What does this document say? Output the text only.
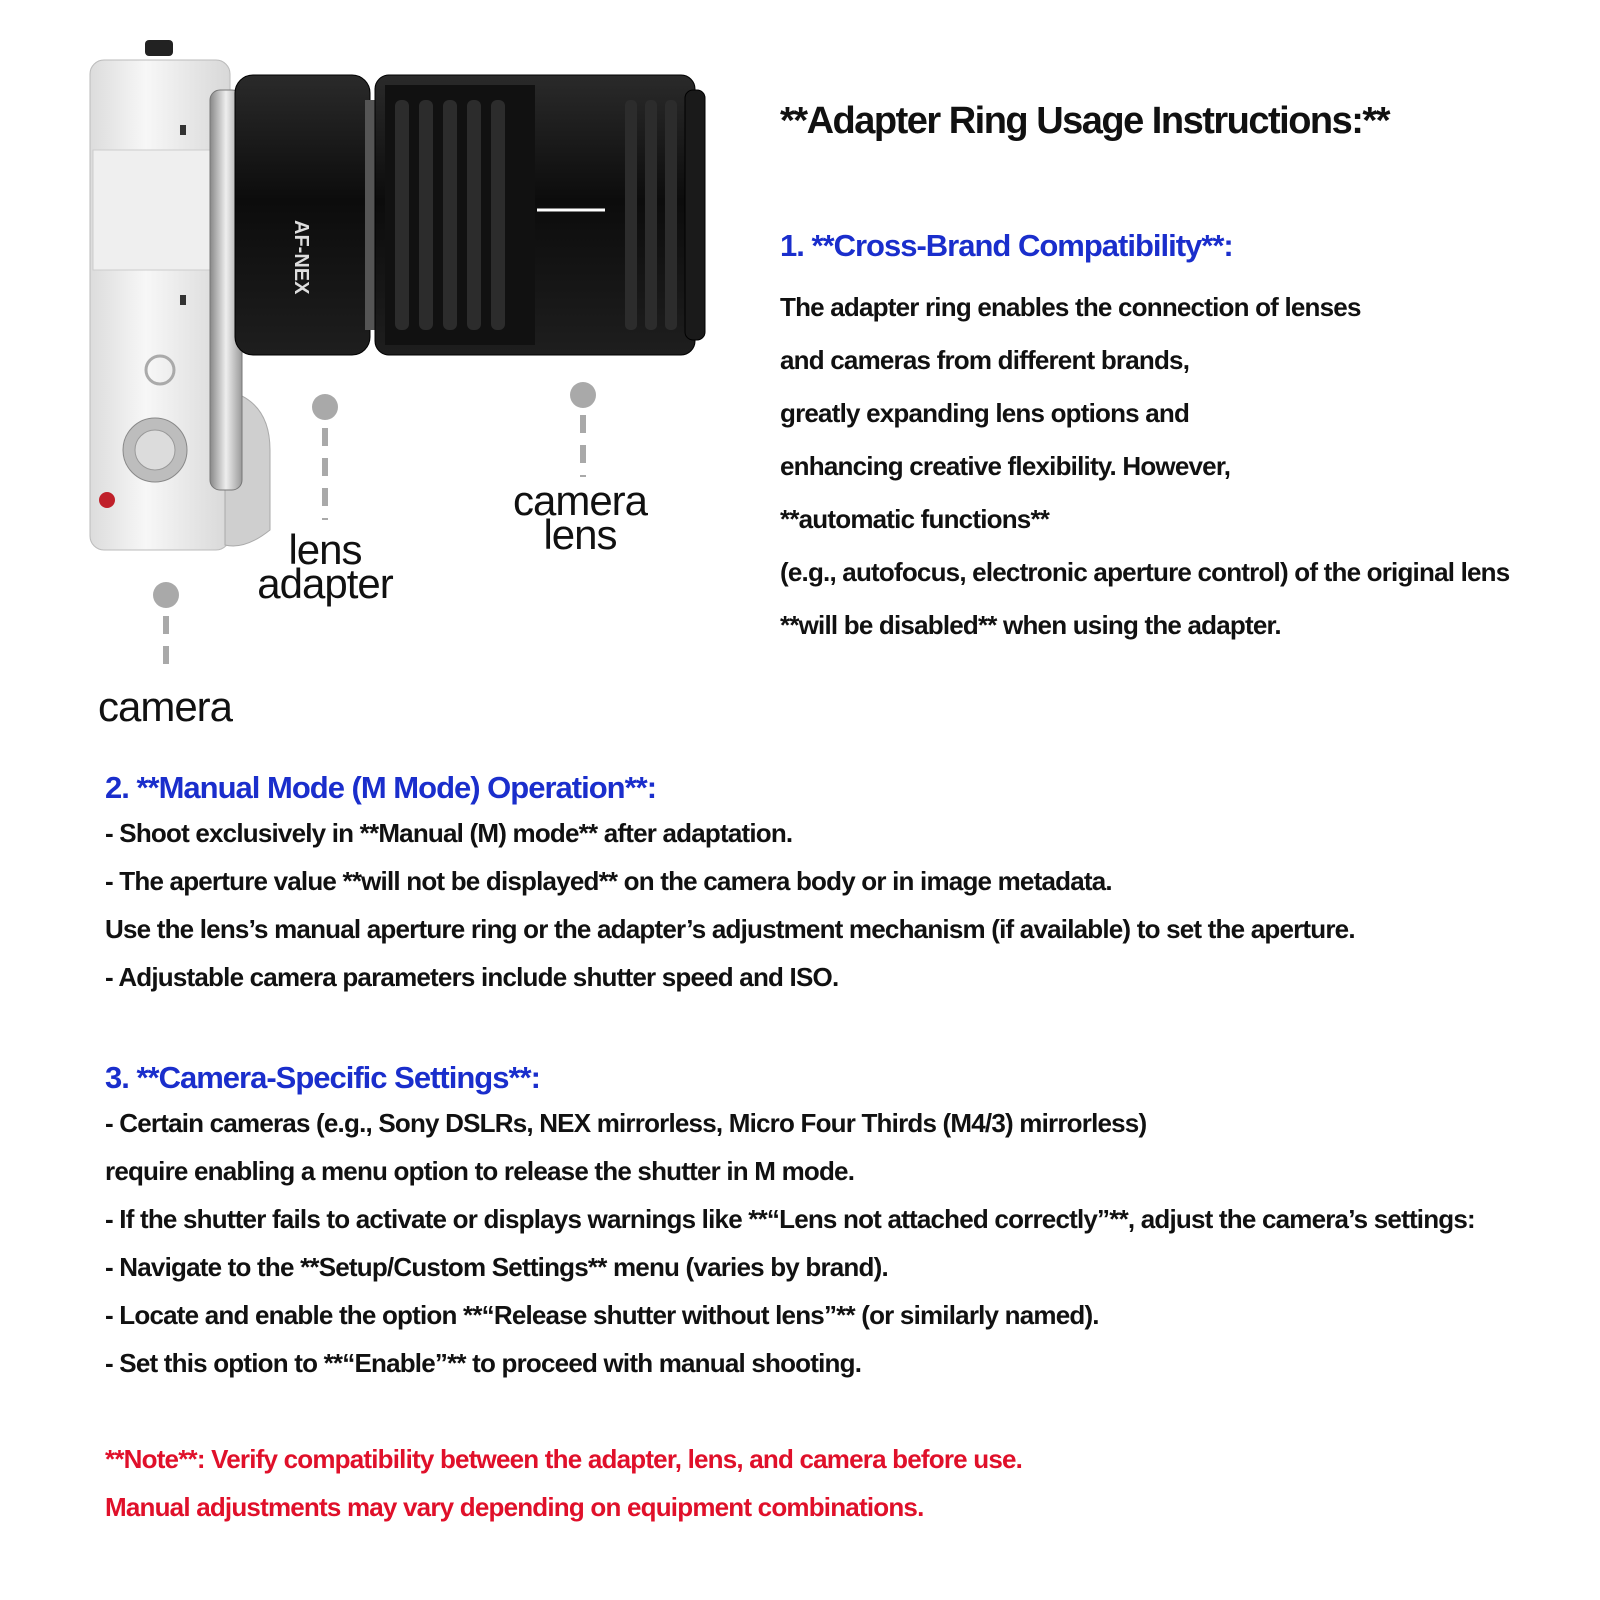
AF-NEX
camera
lens
lens
adapter
camera
**Adapter Ring Usage Instructions:**
1. **Cross-Brand Compatibility**:
The adapter ring enables the connection of lenses
and cameras from different brands,
greatly expanding lens options and
enhancing creative flexibility. However,
**automatic functions**
(e.g., autofocus, electronic aperture control) of the original lens
**will be disabled** when using the adapter.
2. **Manual Mode (M Mode) Operation**:
- Shoot exclusively in **Manual (M) mode** after adaptation.
- The aperture value **will not be displayed** on the camera body or in image metadata.
Use the lens’s manual aperture ring or the adapter’s adjustment mechanism (if available) to set the aperture.
- Adjustable camera parameters include shutter speed and ISO.
3. **Camera-Specific Settings**:
- Certain cameras (e.g., Sony DSLRs, NEX mirrorless, Micro Four Thirds (M4/3) mirrorless)
require enabling a menu option to release the shutter in M mode.
- If the shutter fails to activate or displays warnings like **“Lens not attached correctly”**, adjust the camera’s settings:
- Navigate to the **Setup/Custom Settings** menu (varies by brand).
- Locate and enable the option **“Release shutter without lens”** (or similarly named).
- Set this option to **“Enable”** to proceed with manual shooting.
**Note**: Verify compatibility between the adapter, lens, and camera before use.
Manual adjustments may vary depending on equipment combinations.
